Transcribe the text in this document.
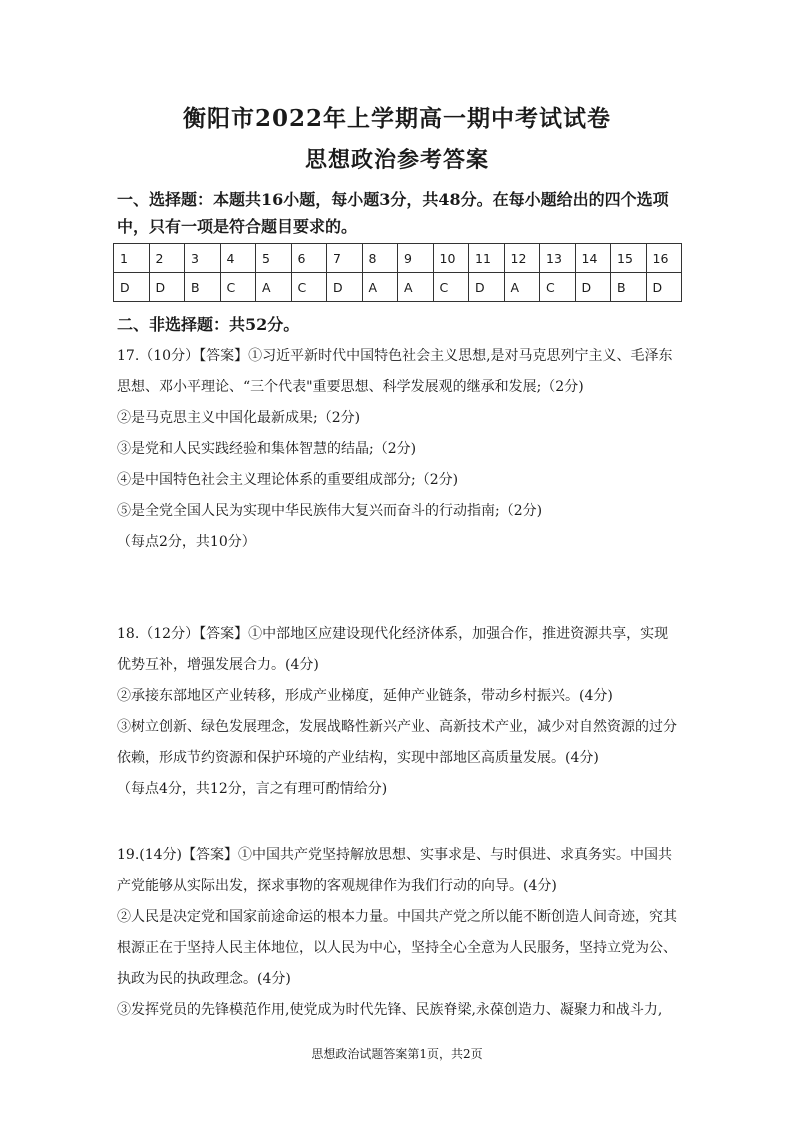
衡阳市2022年上学期高一期中考试试卷
思想政治参考答案
一、选择题：本题共16小题，每小题3分，共48分。在每小题给出的四个选项
中，只有一项是符合题目要求的。
1	2	3	4	5	6	7	8	9	10	11	12	13	14	15	16
D	D	B	C	A	C	D	A	A	C	D	A	C	D	B	D
二、非选择题：共52分。

17.（10分）【答案】①习近平新时代中国特色社会主义思想,是对马克思列宁主义、毛泽东

思想、邓小平理论、“三个代表"重要思想、科学发展观的继承和发展;（2分)

②是马克思主义中国化最新成果;（2分)

③是党和人民实践经验和集体智慧的结晶;（2分)

④是中国特色社会主义理论体系的重要组成部分;（2分)

⑤是全党全国人民为实现中华民族伟大复兴而奋斗的行动指南;（2分)

（每点2分，共10分）

18.（12分）【答案】①中部地区应建设现代化经济体系，加强合作，推进资源共享，实现

优势互补，增强发展合力。(4分)

②承接东部地区产业转移，形成产业梯度，延伸产业链条，带动乡村振兴。(4分)

③树立创新、绿色发展理念，发展战略性新兴产业、高新技术产业，减少对自然资源的过分

依赖，形成节约资源和保护环境的产业结构，实现中部地区高质量发展。(4分)

（每点4分，共12分，言之有理可酌情给分)

19.(14分)【答案】①中国共产党坚持解放思想、实事求是、与时俱进、求真务实。中国共

产党能够从实际出发，探求事物的客观规律作为我们行动的向导。(4分)

②人民是决定党和国家前途命运的根本力量。中国共产党之所以能不断创造人间奇迹，究其

根源正在于坚持人民主体地位，以人民为中心，坚持全心全意为人民服务，坚持立党为公、

执政为民的执政理念。(4分)

③发挥党员的先锋模范作用,使党成为时代先锋、民族脊梁,永葆创造力、凝聚力和战斗力,

思想政治试题答案第1页，共2页
